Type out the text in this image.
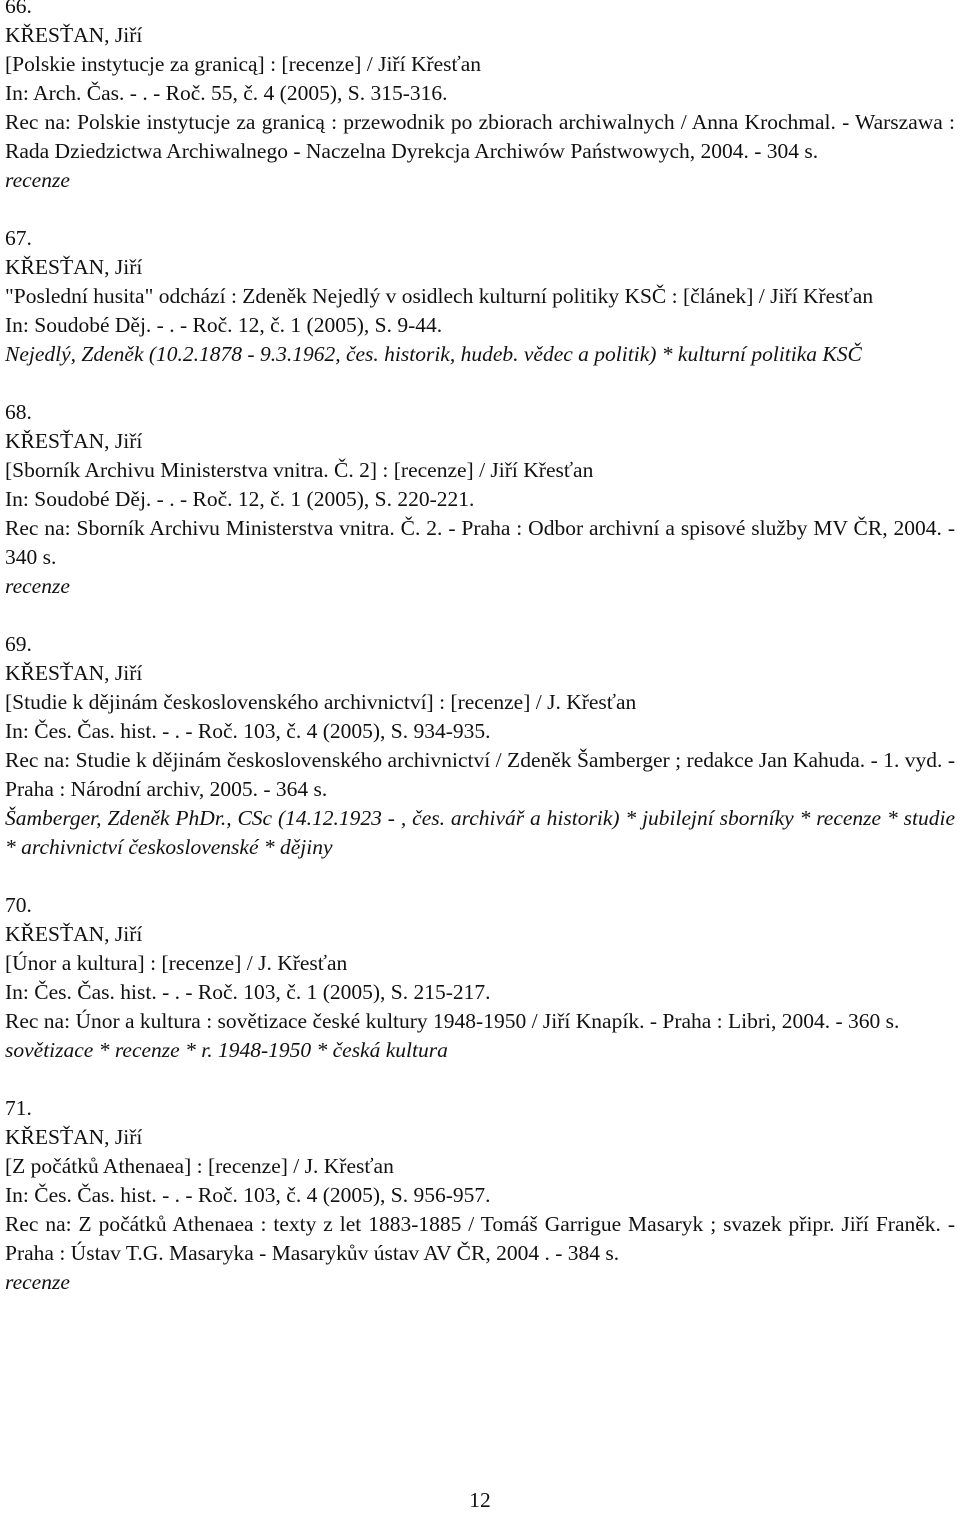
66.
KŘESŤAN, Jiří
[Polskie instytucje za granicą] : [recenze] / Jiří Křesťan
In: Arch. Čas. - . - Roč. 55, č. 4 (2005), S. 315-316.
Rec na: Polskie instytucje za granicą : przewodnik po zbiorach archiwalnych / Anna Krochmal. - Warszawa : Rada Dziedzictwa Archiwalnego - Naczelna Dyrekcja Archiwów Państwowych, 2004. - 304 s.
recenze
67.
KŘESŤAN, Jiří
"Poslední husita" odchází : Zdeněk Nejedlý v osidlech kulturní politiky KSČ : [článek] / Jiří Křesťan
In: Soudobé Děj. - . - Roč. 12, č. 1 (2005), S. 9-44.
Nejedlý, Zdeněk (10.2.1878 - 9.3.1962, čes. historik, hudeb. vědec a politik) * kulturní politika KSČ
68.
KŘESŤAN, Jiří
[Sborník Archivu Ministerstva vnitra. Č. 2] : [recenze] / Jiří Křesťan
In: Soudobé Děj. - . - Roč. 12, č. 1 (2005), S. 220-221.
Rec na: Sborník Archivu Ministerstva vnitra. Č. 2. - Praha : Odbor archivní a spisové služby MV ČR, 2004. - 340 s.
recenze
69.
KŘESŤAN, Jiří
[Studie k dějinám československého archivnictví] : [recenze] / J. Křesťan
In: Čes. Čas. hist. - . - Roč. 103, č. 4 (2005), S. 934-935.
Rec na: Studie k dějinám československého archivnictví / Zdeněk Šamberger ; redakce Jan Kahuda. - 1. vyd. - Praha : Národní archiv, 2005. - 364 s.
Šamberger, Zdeněk PhDr., CSc (14.12.1923 - , čes. archivář a historik) * jubilejní sborníky * recenze * studie * archivnictví československé * dějiny
70.
KŘESŤAN, Jiří
[Únor a kultura] : [recenze] / J. Křesťan
In: Čes. Čas. hist. - . - Roč. 103, č. 1 (2005), S. 215-217.
Rec na: Únor a kultura : sovětizace české kultury 1948-1950 / Jiří Knapík. - Praha : Libri, 2004. - 360 s.
sovětizace * recenze * r. 1948-1950 * česká kultura
71.
KŘESŤAN, Jiří
[Z počátků Athenaea] : [recenze] / J. Křesťan
In: Čes. Čas. hist. - . - Roč. 103, č. 4 (2005), S. 956-957.
Rec na: Z počátků Athenaea : texty z let 1883-1885 / Tomáš Garrigue Masaryk ; svazek připr. Jiří Franěk. - Praha : Ústav T.G. Masaryka - Masarykův ústav AV ČR, 2004 . - 384 s.
recenze
12
